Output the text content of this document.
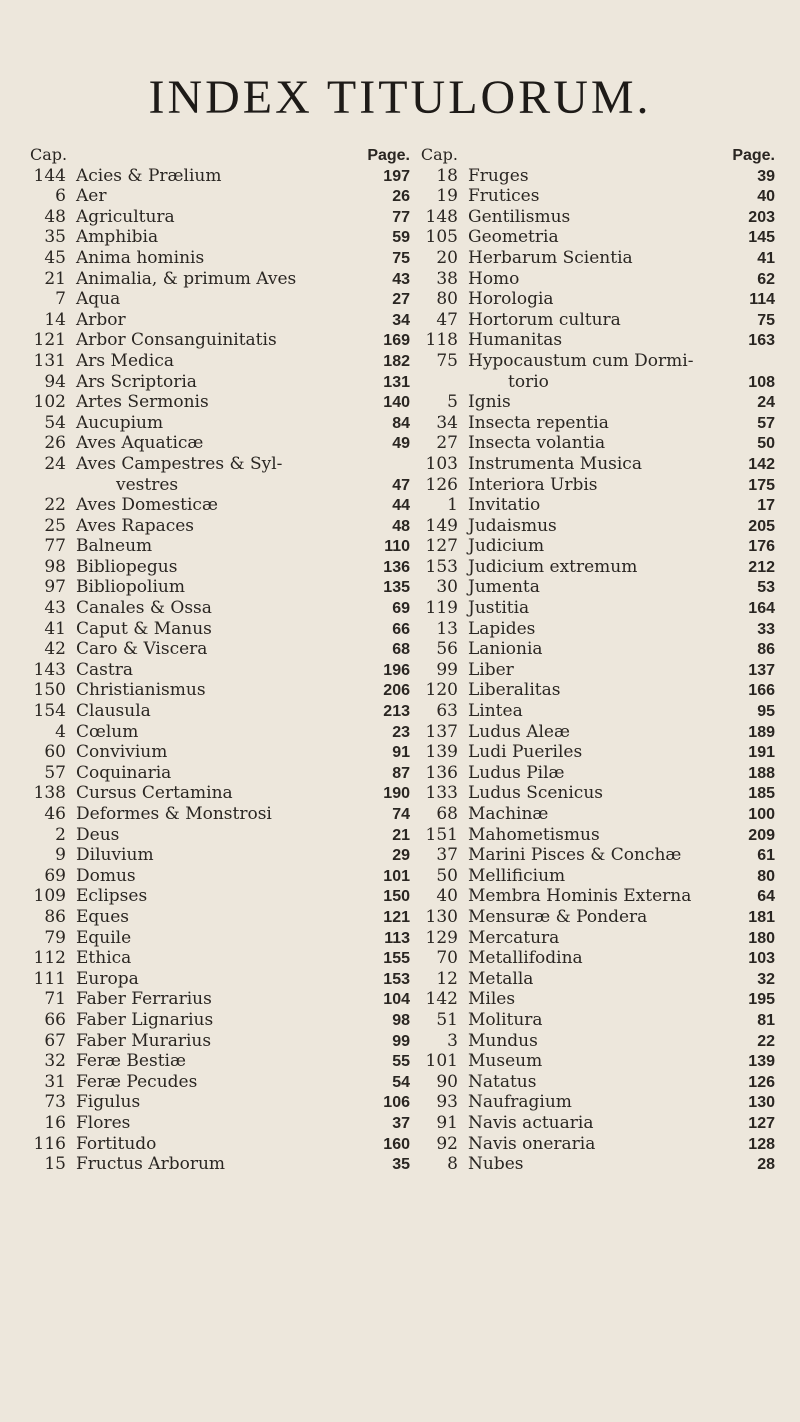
INDEX TITULORUM.
Cap.	Page.
144 Acies & Prælium	197
6 Aer	26
48 Agricultura	77
35 Amphibia	59
45 Anima hominis	75
21 Animalia, & primum Aves	43
7 Aqua	27
14 Arbor	34
121 Arbor Consanguinitatis	169
131 Ars Medica	182
94 Ars Scriptoria	131
102 Artes Sermonis	140
54 Aucupium	84
26 Aves Aquaticæ	49
24 Aves Campestres & Syl-
vestres	47
22 Aves Domesticæ	44
25 Aves Rapaces	48
77 Balneum	110
98 Bibliopegus	136
97 Bibliopolium	135
43 Canales & Ossa	69
41 Caput & Manus	66
42 Caro & Viscera	68
143 Castra	196
150 Christianismus	206
154 Clausula	213
4 Cœlum	23
60 Convivium	91
57 Coquinaria	87
138 Cursus Certamina	190
46 Deformes & Monstrosi	74
2 Deus	21
9 Diluvium	29
69 Domus	101
109 Eclipses	150
86 Eques	121
79 Equile	113
112 Ethica	155
111 Europa	153
71 Faber Ferrarius	104
66 Faber Lignarius	98
67 Faber Murarius	99
32 Feræ Bestiæ	55
31 Feræ Pecudes	54
73 Figulus	106
16 Flores	37
116 Fortitudo	160
15 Fructus Arborum	35
Cap.	Page.
18 Fruges	39
19 Frutices	40
148 Gentilismus	203
105 Geometria	145
20 Herbarum Scientia	41
38 Homo	62
80 Horologia	114
47 Hortorum cultura	75
118 Humanitas	163
75 Hypocaustum cum Dormi-
torio	108
5 Ignis	24
34 Insecta repentia	57
27 Insecta volantia	50
103 Instrumenta Musica	142
126 Interiora Urbis	175
1 Invitatio	17
149 Judaismus	205
127 Judicium	176
153 Judicium extremum	212
30 Jumenta	53
119 Justitia	164
13 Lapides	33
56 Lanionia	86
99 Liber	137
120 Liberalitas	166
63 Lintea	95
137 Ludus Aleæ	189
139 Ludi Pueriles	191
136 Ludus Pilæ	188
133 Ludus Scenicus	185
68 Machinæ	100
151 Mahometismus	209
37 Marini Pisces & Conchæ	61
50 Mellificium	80
40 Membra Hominis Externa	64
130 Mensuræ & Pondera	181
129 Mercatura	180
70 Metallifodina	103
12 Metalla	32
142 Miles	195
51 Molitura	81
3 Mundus	22
101 Museum	139
90 Natatus	126
93 Naufragium	130
91 Navis actuaria	127
92 Navis oneraria	128
8 Nubes	28
